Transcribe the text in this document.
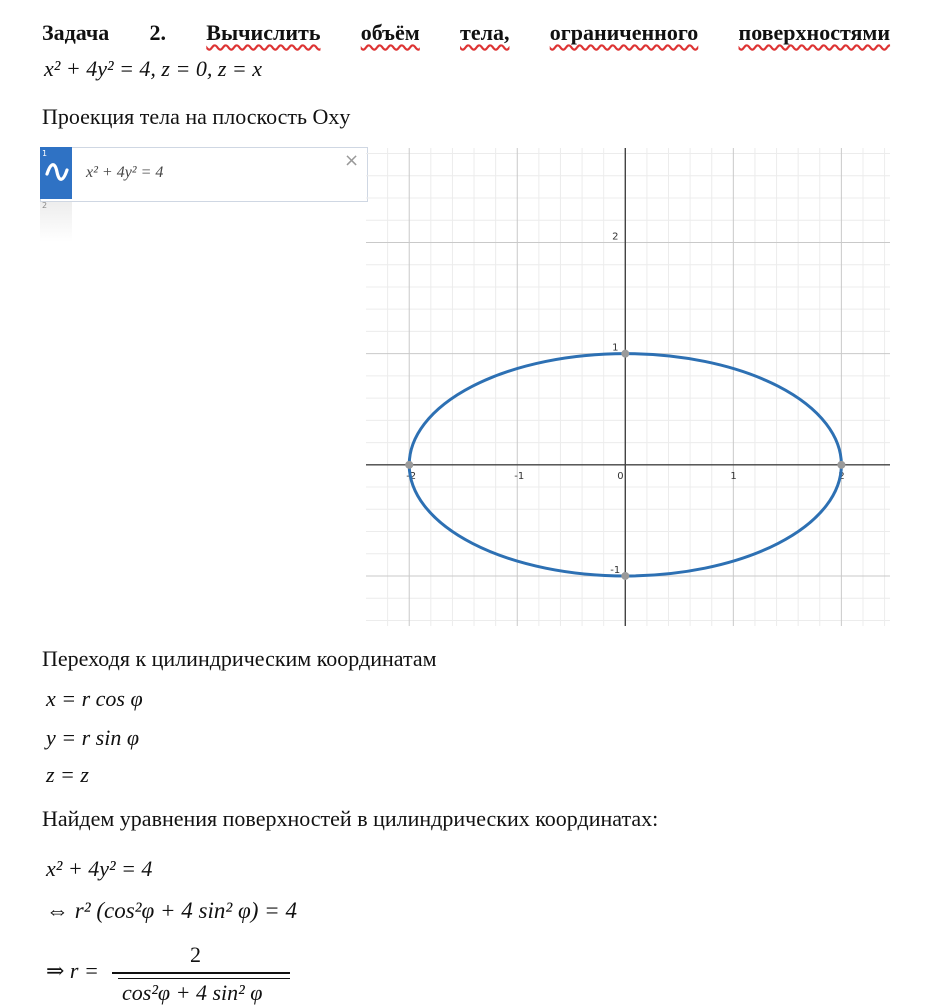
Задача 2. Вычислить объём тела, ограниченного поверхностями
x² + 4y² = 4, z = 0, z = x
Проекция тела на плоскость Oxy
1
2
x² + 4y² = 4
×
-2	-1	0	1	2
-1
1
2
Переходя к цилиндрическим координатам
x = r cos φ
y = r sin φ
z = z
Найдем уравнения поверхностей в цилиндрических координатах:
x² + 4y² = 4
⇔ r² (cos²φ + 4 sin² φ) = 4
⇒ r =
2
cos²φ + 4 sin² φ
